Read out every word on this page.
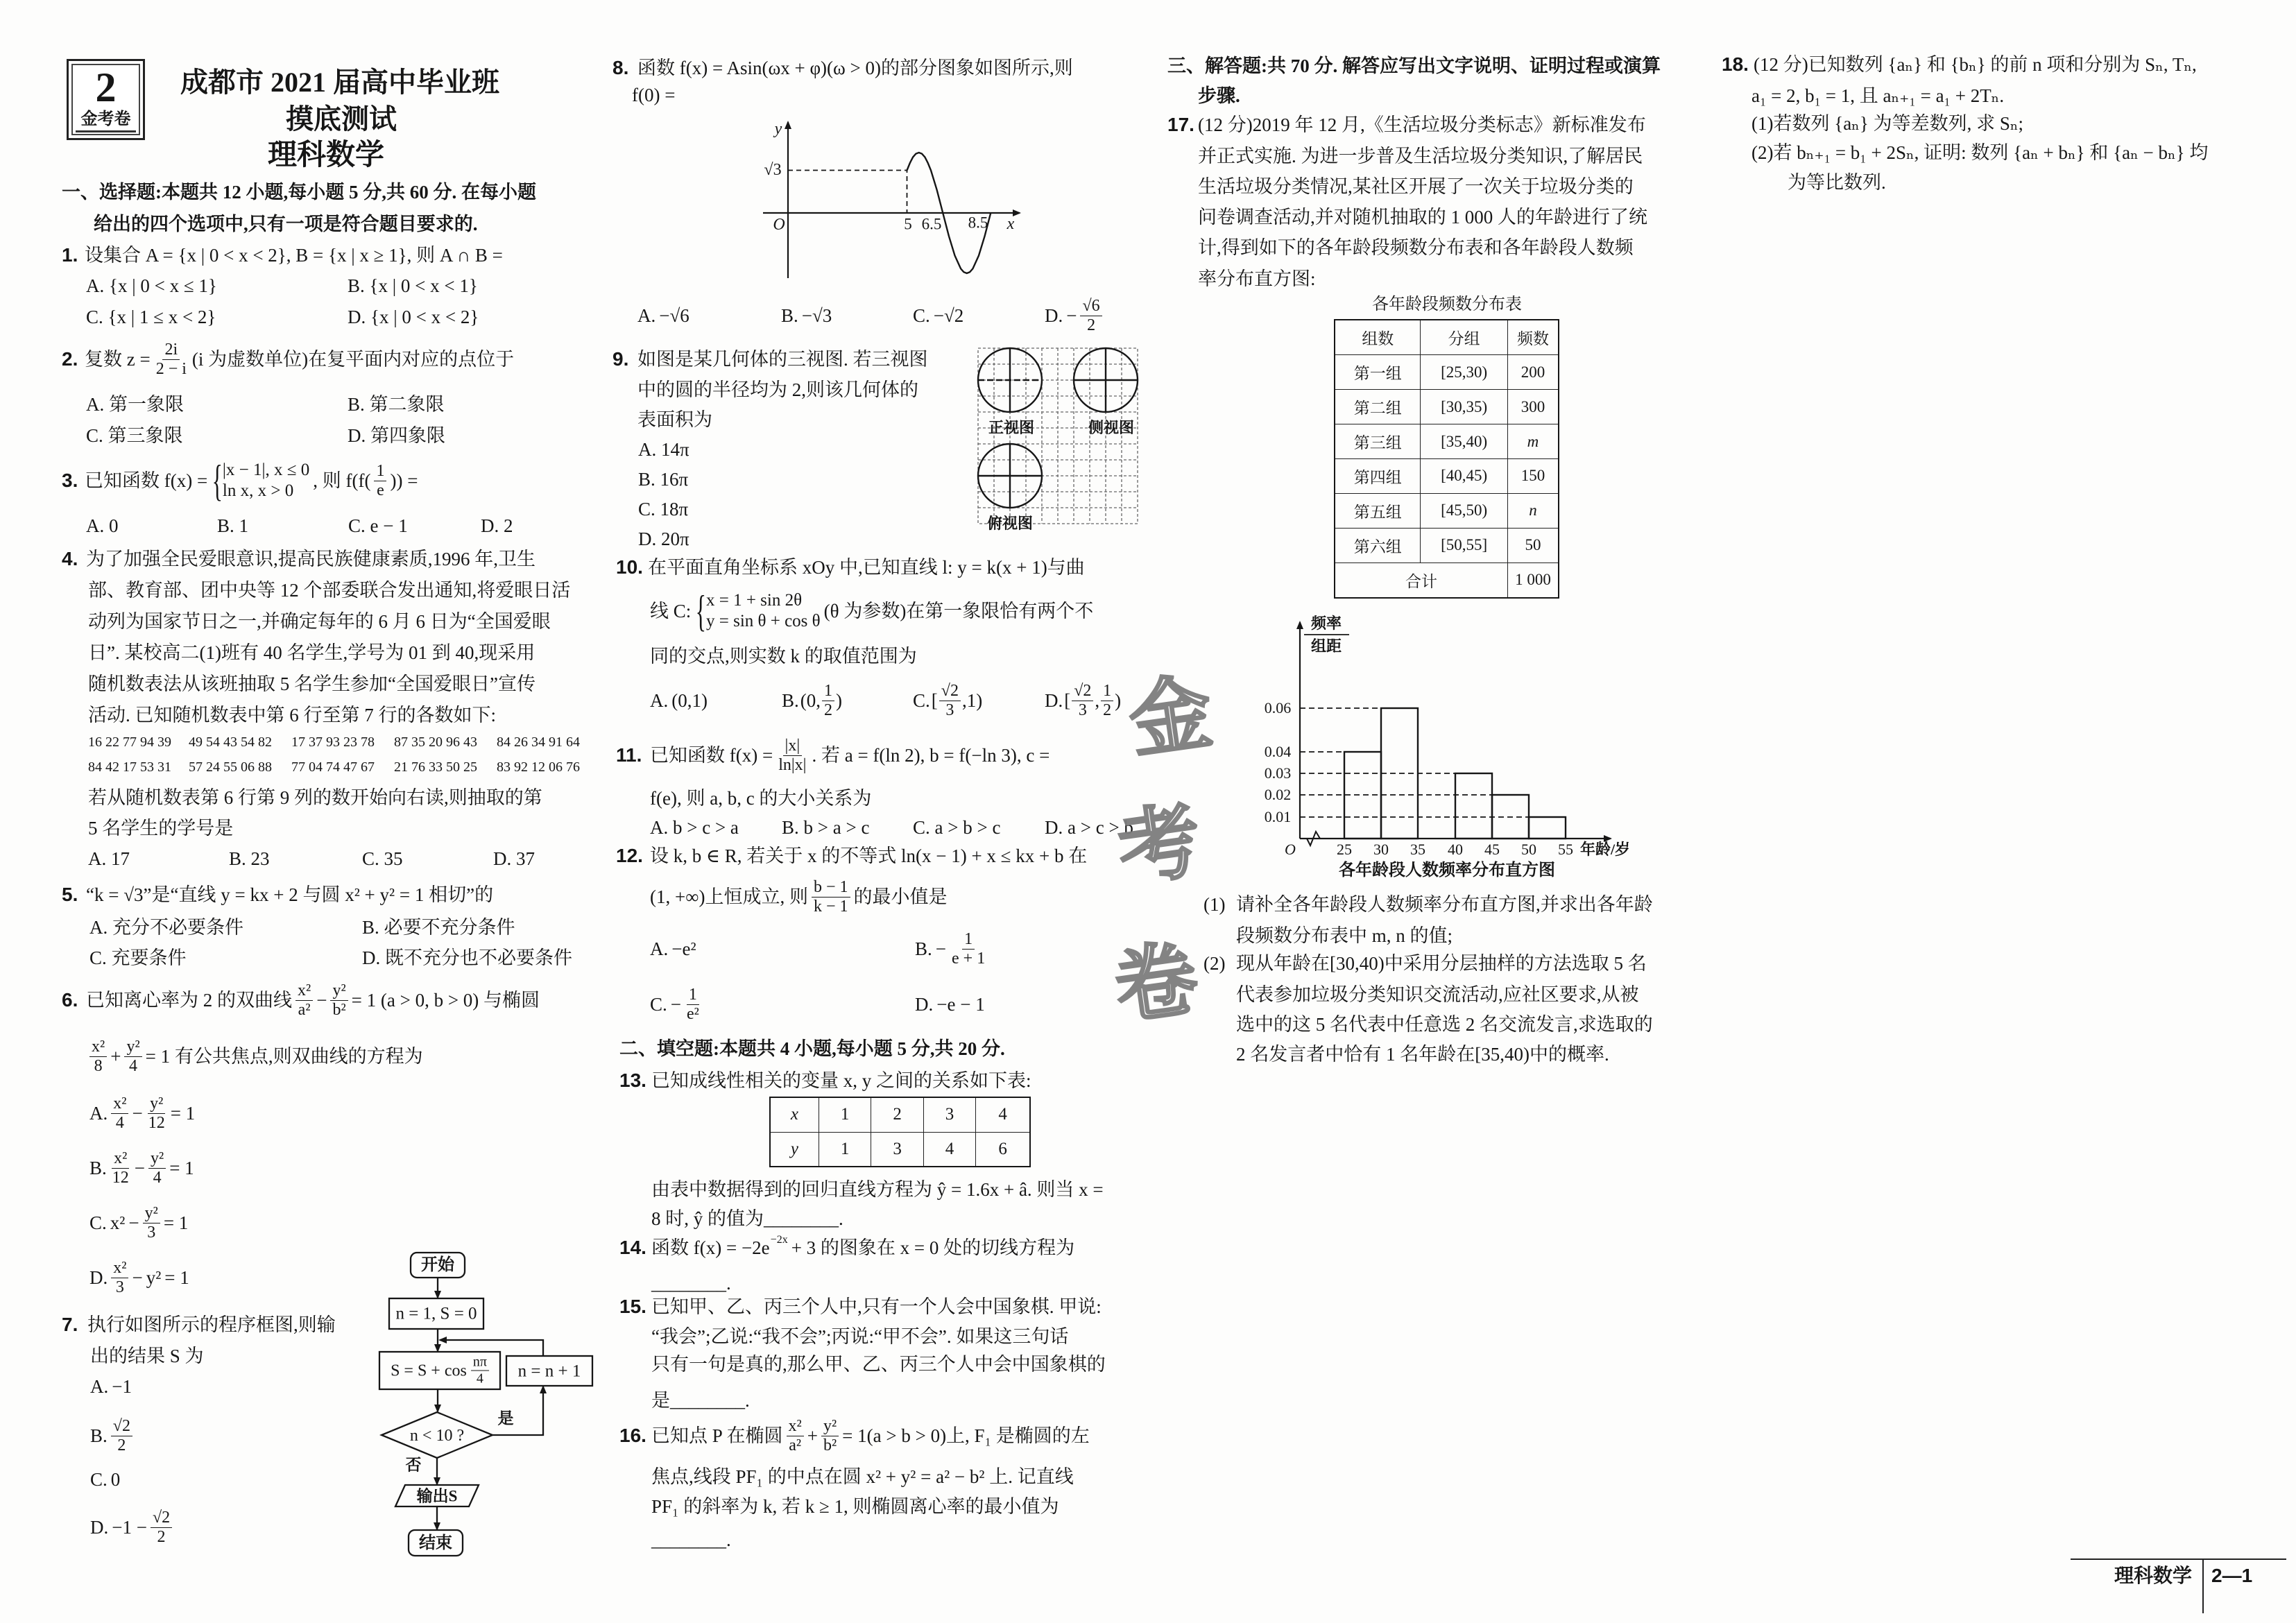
2
金考卷
成都市 2021 届高中毕业班
摸底测试
理科数学
一、选择题:本题共 12 小题,每小题 5 分,共 60 分. 在每小题
给出的四个选项中,只有一项是符合题目要求的.
1. 设集合 A = {x | 0 < x < 2}, B = {x | x ≥ 1}, 则 A ∩ B =
A. {x | 0 < x ≤ 1}	B. {x | 0 < x < 1}
C. {x | 1 ≤ x < 2}	D. {x | 0 < x < 2}
2. 复数 $z = \frac{2i}{2 - i} (i$ 为虚数单位)在复平面内对应的点位于
A. 第一象限	B. 第二象限
C. 第三象限	D. 第四象限
3. 已知函数 f(x) = { |x − 1|, x ≤ 0
ln x, x > 0	, 则 $f(f( \frac{1}{e}$ )) =
A. 0	B. 1	C. e − 1	D. 2
4. 为了加强全民爱眼意识,提高民族健康素质,1996 年,卫生
部、教育部、团中央等 12 个部委联合发出通知,将爱眼日活
动列为国家节日之一,并确定每年的 6 月 6 日为“全国爱眼
日”. 某校高二(1)班有 40 名学生,学号为 01 到 40,现采用
随机数表法从该班抽取 5 名学生参加“全国爱眼日”宣传
活动. 已知随机数表中第 6 行至第 7 行的各数如下:
16 22 77 94 39 49 54 43 54 82 17 37 93 23 78 87 35 20 96 43 84 26 34 91 64
84 42 17 53 31 57 24 55 06 88 77 04 74 47 67 21 76 33 50 25 83 92 12 06 76
若从随机数表第 6 行第 9 列的数开始向右读,则抽取的第
5 名学生的学号是
A. 17	B. 23	C. 35	D. 37
5. “k = √3”是“直线 y = kx + 2 与圆 x² + y² = 1 相切”的
A. 充分不必要条件	B. 必要不充分条件
C. 充要条件	D. 既不充分也不必要条件
6. 已知离心率为 2 的双曲线 $\frac{\text{x²}}{\text{a²}} - \frac{\text{y²}}{\text{b²}} = 1$ (a > 0, b > 0) 与椭圆
$\frac{\text{x²}}{8} + \frac{\text{y²}}{4} = 1$ 有公共焦点,则双曲线的方程为
A. $\frac{\text{x²}}{4} - \frac{\text{y²}}{12} = 1$
B. $\frac{\text{x²}}{12} - \frac{\text{y²}}{4} = 1$
C. $x^2 - \frac{\text{y²}}{3} = 1$
D. $\frac{\text{x²}}{3} - y^2 = 1$
7. 执行如图所示的程序框图,则输
出的结果 S 为
A. −1
B. $\frac{√2}{2}$
C. 0
D. $-1 - \frac{√2}{2}$
开始
n = 1, S = 0
$S = S + \cos \frac{n\pi}{4}$ n = n + 1
n < 10 ?
是
否
输出S
结束
8. 函数 f(x) = Asin(ωx + φ)(ω > 0)的部分图象如图所示,则
f(0) =
y
√3
O	5 6.5 8.5 x
A. −√6	B. −√3	C. −√2	D. − $\frac{√6}{2}$
9. 如图是某几何体的三视图. 若三视图
中的圆的半径均为 2,则该几何体的
表面积为
A. 14π
B. 16π
C. 18π
D. 20π
正视图	侧视图
俯视图
10. 在平面直角坐标系 xOy 中,已知直线 l: y = k(x + 1)与曲
线 C: { x = 1 + sin 2θ
y = sin θ + cos θ (θ 为参数)在第一象限恰有两个不
同的交点,则实数 k 的取值范围为
A. (0,1)	B. (0, $\frac{1}{2}$ )	C. [ $\frac{√2}{3} ,1$)	D. [ $\frac{√2}{3}$ , $\frac{1}{2}$ )
11. 已知函数 $f(x) = \frac{|x|}{\ln|x|}$ . 若 a = f(ln 2), b = f(−ln 3), c =
f(e), 则 a, b, c 的大小关系为
A. b > c > a B. b > a > c C. a > b > c D. a > c > b
12. 设 k, b ∈ R, 若关于 x 的不等式 ln(x − 1) + x ≤ kx + b 在
(1, +∞)上恒成立, 则 $\frac{b - 1}{k - 1}$ 的最小值是
A. −e²	B. − $\frac{1}{e + 1}$
C. − $\frac{1}{\text{e²}}$	D. −e − 1
二、填空题:本题共 4 小题,每小题 5 分,共 20 分.
13. 已知成线性相关的变量 x, y 之间的关系如下表:
x	1	2	3	4
y	1	3	4	6
由表中数据得到的回归直线方程为 ŷ = 1.6x + â. 则当 x =
8 时, ŷ 的值为________.
14. 函数 f(x) = −2e −2x + 3 的图象在 x = 0 处的切线方程为
________.
15. 已知甲、乙、丙三个人中,只有一个人会中国象棋. 甲说:
“我会”;乙说:“我不会”;丙说:“甲不会”. 如果这三句话
只有一句是真的,那么甲、乙、丙三个人中会中国象棋的
是________.
16. 已知点 P 在椭圆 $\frac{\text{x²}}{\text{a²}} + \frac{\text{y²}}{\text{b²}} = 1(a > b > 0)$上, F₁ 是椭圆的左
焦点,线段 PF₁ 的中点在圆 x² + y² = a² − b² 上. 记直线
PF₁ 的斜率为 k, 若 k ≥ 1, 则椭圆离心率的最小值为
________.
三、解答题:共 70 分. 解答应写出文字说明、证明过程或演算
步骤.
17. (12 分)2019 年 12 月,《生活垃圾分类标志》新标准发布
并正式实施. 为进一步普及生活垃圾分类知识,了解居民
生活垃圾分类情况,某社区开展了一次关于垃圾分类的
问卷调查活动,并对随机抽取的 1 000 人的年龄进行了统
计,得到如下的各年龄段频数分布表和各年龄段人数频
率分布直方图:
各年龄段频数分布表
组数	分组	频数
第一组	[25,30)	200
第二组	[30,35)	300
第三组	[35,40)	m
第四组	[40,45)	150
第五组	[45,50)	n
第六组	[50,55]	50
合计		1 000
频率
组距
0.06
0.04
0.03
0.02
0.01
O	25 30 35 40 45 50 55 年龄/岁
各年龄段人数频率分布直方图
(1) 请补全各年龄段人数频率分布直方图,并求出各年龄
段频数分布表中 m, n 的值;
(2) 现从年龄在[30,40)中采用分层抽样的方法选取 5 名
代表参加垃圾分类知识交流活动,应社区要求,从被
选中的这 5 名代表中任意选 2 名交流发言,求选取的
2 名发言者中恰有 1 名年龄在[35,40)中的概率.
18. (12 分)已知数列 {aₙ} 和 {bₙ} 的前 n 项和分别为 Sₙ, Tₙ,
a₁ = 2, b₁ = 1, 且 aₙ₊₁ = a₁ + 2Tₙ.
(1)若数列 {aₙ} 为等差数列, 求 Sₙ;
(2)若 bₙ₊₁ = b₁ + 2Sₙ, 证明: 数列 {aₙ + bₙ} 和 {aₙ − bₙ} 均
为等比数列.
金
考
卷
理科数学 2—1
